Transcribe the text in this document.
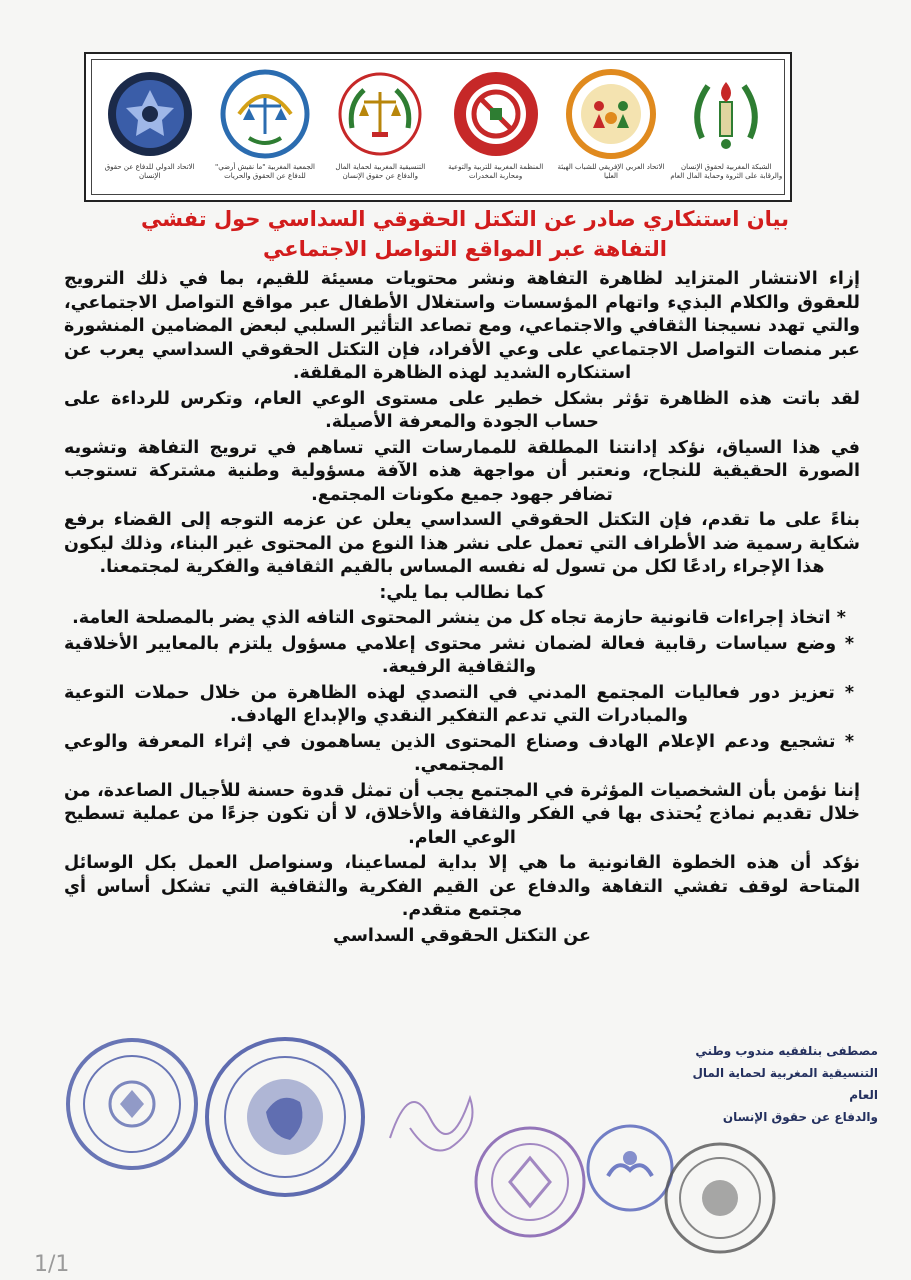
الاتحاد الدولي للدفاع عن حقوق الإنسان
الجمعية المغربية "ما نقيش أرضي" للدفاع عن الحقوق والحريات
التنسيقية المغربية لحماية المال والدفاع عن حقوق الإنسان
المنظمة المغربية للتربية والتوعية ومحاربة المخدرات
الاتحاد العربي الإفريقي للشباب الهيئة العليا
الشبكة المغربية لحقوق الإنسان والرقابة على الثروة وحماية المال العام
بيان استنكاري صادر عن التكتل الحقوقي السداسي حول تفشي التفاهة عبر المواقع التواصل الاجتماعي

إزاء الانتشار المتزايد لظاهرة التفاهة ونشر محتويات مسيئة للقيم، بما في ذلك الترويج للعقوق والكلام البذيء واتهام المؤسسات واستغلال الأطفال عبر مواقع التواصل الاجتماعي، والتي تهدد نسيجنا الثقافي والاجتماعي، ومع تصاعد التأثير السلبي لبعض المضامين المنشورة عبر منصات التواصل الاجتماعي على وعي الأفراد، فإن التكتل الحقوقي السداسي يعرب عن استنكاره الشديد لهذه الظاهرة المقلقة.

لقد باتت هذه الظاهرة تؤثر بشكل خطير على مستوى الوعي العام، وتكرس للرداءة على حساب الجودة والمعرفة الأصيلة.

في هذا السياق، نؤكد إدانتنا المطلقة للممارسات التي تساهم في ترويج التفاهة وتشويه الصورة الحقيقية للنجاح، ونعتبر أن مواجهة هذه الآفة مسؤولية وطنية مشتركة تستوجب تضافر جهود جميع مكونات المجتمع.

بناءً على ما تقدم، فإن التكتل الحقوقي السداسي يعلن عن عزمه التوجه إلى القضاء برفع شكاية رسمية ضد الأطراف التي تعمل على نشر هذا النوع من المحتوى غير البناء، وذلك ليكون هذا الإجراء رادعًا لكل من تسول له نفسه المساس بالقيم الثقافية والفكرية لمجتمعنا.

كما نطالب بما يلي:

* اتخاذ إجراءات قانونية حازمة تجاه كل من ينشر المحتوى التافه الذي يضر بالمصلحة العامة.

* وضع سياسات رقابية فعالة لضمان نشر محتوى إعلامي مسؤول يلتزم بالمعايير الأخلاقية والثقافية الرفيعة.

* تعزيز دور فعاليات المجتمع المدني في التصدي لهذه الظاهرة من خلال حملات التوعية والمبادرات التي تدعم التفكير النقدي والإبداع الهادف.

* تشجيع ودعم الإعلام الهادف وصناع المحتوى الذين يساهمون في إثراء المعرفة والوعي المجتمعي.

إننا نؤمن بأن الشخصيات المؤثرة في المجتمع يجب أن تمثل قدوة حسنة للأجيال الصاعدة، من خلال تقديم نماذج يُحتذى بها في الفكر والثقافة والأخلاق، لا أن تكون جزءًا من عملية تسطيح الوعي العام.

نؤكد أن هذه الخطوة القانونية ما هي إلا بداية لمساعينا، وسنواصل العمل بكل الوسائل المتاحة لوقف تفشي التفاهة والدفاع عن القيم الفكرية والثقافية التي تشكل أساس أي مجتمع متقدم.

عن التكتل الحقوقي السداسي

مصطفى بنلفقيه مندوب وطني
التنسيقية المغربية لحماية المال العام
والدفاع عن حقوق الإنسان
1/1
